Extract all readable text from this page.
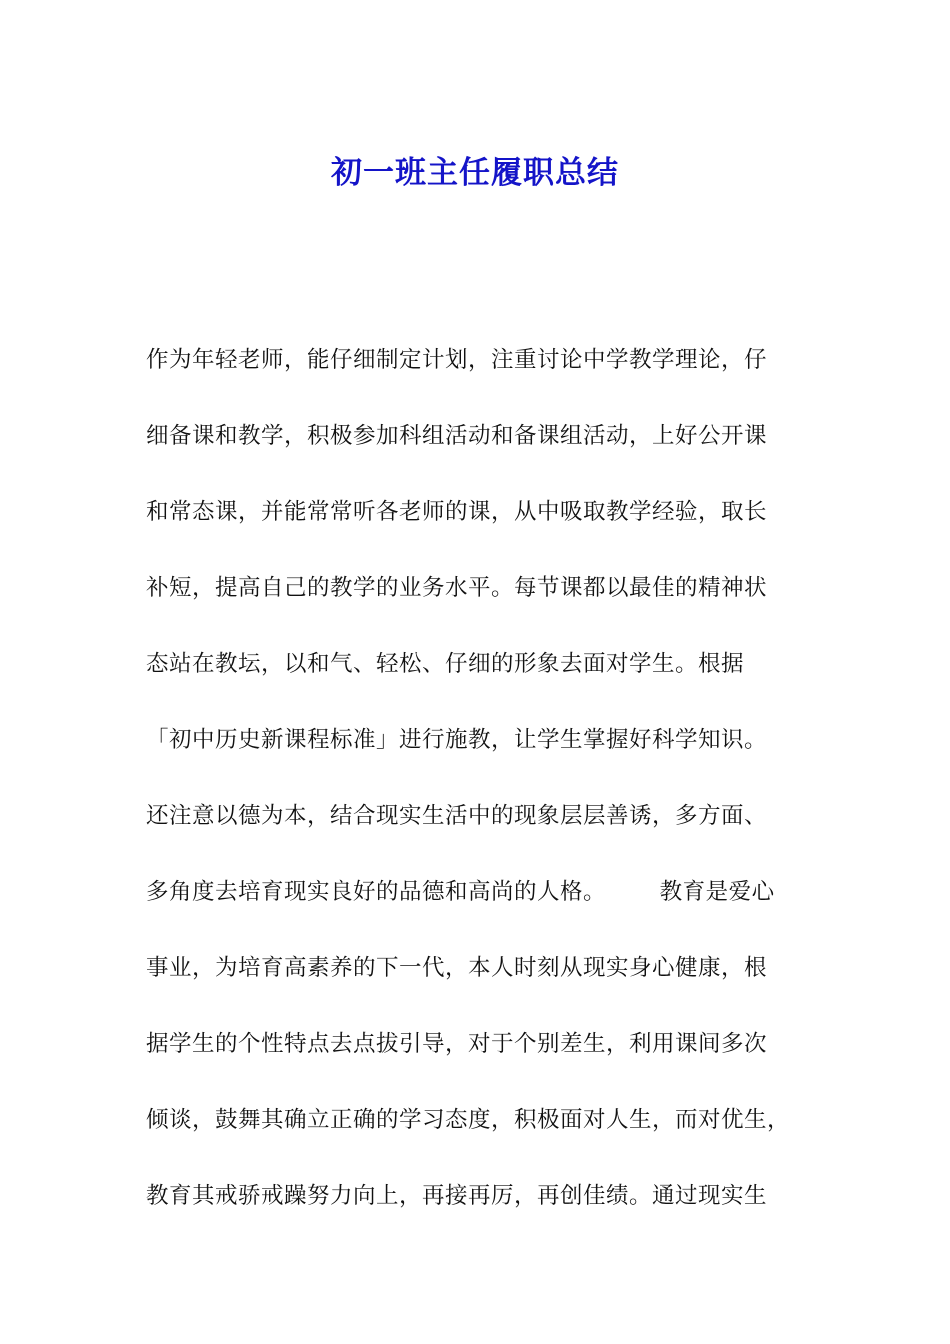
初一班主任履职总结
作为年轻老师，能仔细制定计划，注重讨论中学教学理论，仔
细备课和教学，积极参加科组活动和备课组活动，上好公开课
和常态课，并能常常听各老师的课，从中吸取教学经验，取长
补短，提高自己的教学的业务水平。每节课都以最佳的精神状
态站在教坛，以和气、轻松、仔细的形象去面对学生。根据
「初中历史新课程标准」进行施教，让学生掌握好科学知识。
还注意以德为本，结合现实生活中的现象层层善诱，多方面、
多角度去培育现实良好的品德和高尚的人格。       教育是爱心
事业，为培育高素养的下一代，本人时刻从现实身心健康，根
据学生的个性特点去点拔引导，对于个别差生，利用课间多次
倾谈，鼓舞其确立正确的学习态度，积极面对人生，而对优生，
教育其戒骄戒躁努力向上，再接再厉，再创佳绩。通过现实生
